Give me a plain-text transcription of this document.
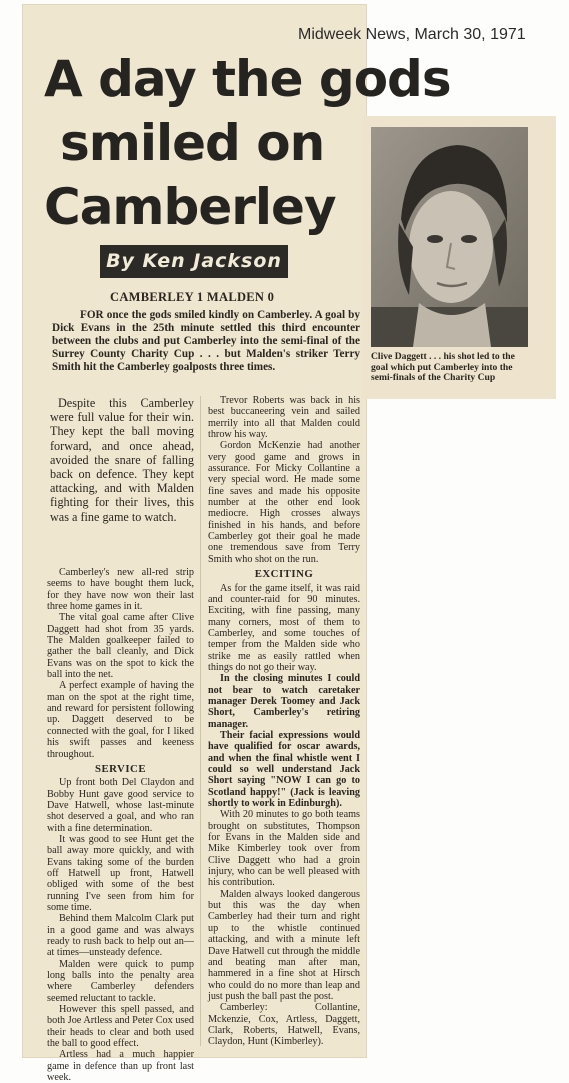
Midweek News, March 30, 1971
A day the gods
smiled on
Camberley
By Ken Jackson
Clive Daggett . . . his shot led to the goal which put Camberley into the semi-finals of the Charity Cup
CAMBERLEY 1 MALDEN 0

FOR once the gods smiled kindly on Camberley. A goal by Dick Evans in the 25th minute settled this third encounter between the clubs and put Camberley into the semi-final of the Surrey County Charity Cup . . . but Malden's striker Terry Smith hit the Camberley goalposts three times.

Despite this Camberley were full value for their win. They kept the ball moving forward, and once ahead, avoided the snare of falling back on defence. They kept attacking, and with Malden fighting for their lives, this was a fine game to watch.

Camberley's new all-red strip seems to have bought them luck, for they have now won their last three home games in it.

The vital goal came after Clive Daggett had shot from 35 yards. The Malden goalkeeper failed to gather the ball cleanly, and Dick Evans was on the spot to kick the ball into the net.

A perfect example of having the man on the spot at the right time, and reward for persistent following up. Daggett deserved to be connected with the goal, for I liked his swift passes and keeness throughout.

SERVICE

Up front both Del Claydon and Bobby Hunt gave good service to Dave Hatwell, whose last-minute shot deserved a goal, and who ran with a fine determination.

It was good to see Hunt get the ball away more quickly, and with Evans taking some of the burden off Hatwell up front, Hatwell obliged with some of the best running I've seen from him for some time.

Behind them Malcolm Clark put in a good game and was always ready to rush back to help out an—at times—unsteady defence.

Malden were quick to pump long balls into the penalty area where Camberley defenders seemed reluctant to tackle.

However this spell passed, and both Joe Artless and Peter Cox used their heads to clear and both used the ball to good effect.

Artless had a much happier game in defence than up front last week.

Trevor Roberts was back in his best buccaneering vein and sailed merrily into all that Malden could throw his way.

Gordon McKenzie had another very good game and grows in assurance. For Micky Collantine a very special word. He made some fine saves and made his opposite number at the other end look mediocre. High crosses always finished in his hands, and before Camberley got their goal he made one tremendous save from Terry Smith who shot on the run.

EXCITING

As for the game itself, it was raid and counter-raid for 90 minutes. Exciting, with fine passing, many many corners, most of them to Camberley, and some touches of temper from the Malden side who strike me as easily rattled when things do not go their way.

In the closing minutes I could not bear to watch caretaker manager Derek Toomey and Jack Short, Camberley's retiring manager.

Their facial expressions would have qualified for oscar awards, and when the final whistle went I could so well understand Jack Short saying "NOW I can go to Scotland happy!" (Jack is leaving shortly to work in Edinburgh).

With 20 minutes to go both teams brought on substitutes, Thompson for Evans in the Malden side and Mike Kimberley took over from Clive Daggett who had a groin injury, who can be well pleased with his contribution.

Malden always looked dangerous but this was the day when Camberley had their turn and right up to the whistle continued attacking, and with a minute left Dave Hatwell cut through the middle and beating man after man, hammered in a fine shot at Hirsch who could do no more than leap and just push the ball past the post.

Camberley: Collantine, Mckenzie, Cox, Artless, Daggett, Clark, Roberts, Hatwell, Evans, Claydon, Hunt (Kimberley).
